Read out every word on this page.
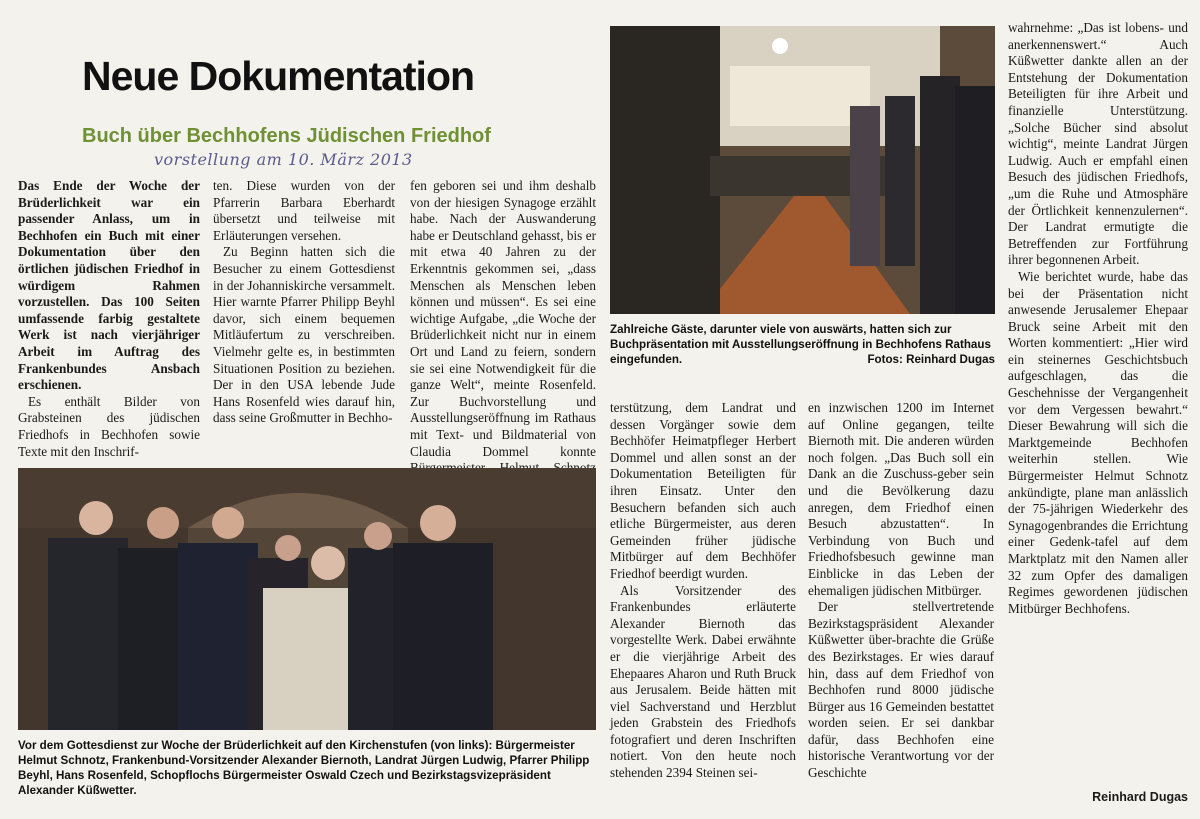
Neue Dokumentation
Buch über Bechhofens Jüdischen Friedhof
vorstellung am 10. März 2013

Das Ende der Woche der Brüderlichkeit war ein passender Anlass, um in Bechhofen ein Buch mit einer Dokumentation über den örtlichen jüdischen Friedhof in würdigem Rahmen vorzustellen. Das 100 Seiten umfassende farbig gestaltete Werk ist nach vierjähriger Arbeit im Auftrag des Frankenbundes Ansbach erschienen.

Es enthält Bilder von Grabsteinen des jüdischen Friedhofs in Bechhofen sowie Texte mit den Inschrif-

ten. Diese wurden von der Pfarrerin Barbara Eberhardt übersetzt und teilweise mit Erläuterungen versehen.

Zu Beginn hatten sich die Besucher zu einem Gottesdienst in der Johanniskirche versammelt. Hier warnte Pfarrer Philipp Beyhl davor, sich einem bequemen Mitläufertum zu verschreiben. Vielmehr gelte es, in bestimmten Situationen Position zu beziehen. Der in den USA lebende Jude Hans Rosenfeld wies darauf hin, dass seine Großmutter in Bechho-

fen geboren sei und ihm deshalb von der hiesigen Synagoge erzählt habe. Nach der Auswanderung habe er Deutschland gehasst, bis er mit etwa 40 Jahren zu der Erkenntnis gekommen sei, „dass Menschen als Menschen leben können und müssen“. Es sei eine wichtige Aufgabe, „die Woche der Brüderlichkeit nicht nur in einem Ort und Land zu feiern, sondern sie sei eine Notwendigkeit für die ganze Welt“, meinte Rosenfeld. Zur Buchvorstellung und Ausstellungseröffnung im Rathaus mit Text- und Bildmaterial von Claudia Dommel konnte

terstützung, dem Landrat und dessen Vorgänger sowie dem Bechhöfer Heimatpfleger Herbert Dommel und allen sonst an der Dokumentation Beteiligten für ihren Einsatz. Unter den Besuchern befanden sich auch etliche Bürgermeister, aus deren Gemeinden früher jüdische Mitbürger auf dem Bechhöfer Friedhof beerdigt wurden.

Als Vorsitzender des Frankenbundes erläuterte Alexander Biernoth das vorgestellte Werk. Dabei erwähnte er die vierjährige Arbeit des Ehepaares Aharon und Ruth Bruck aus Jerusalem. Beide hätten mit viel Sachverstand und Herzblut jeden Grabstein des Friedhofs fotografiert und deren Inschriften notiert. Von den heute noch stehenden 2394 Steinen sei-

en inzwischen 1200 im Internet auf Online gegangen, teilte Biernoth mit. Die anderen würden noch folgen. „Das Buch soll ein Dank an die Zuschuss-geber sein und die Bevölkerung dazu anregen, dem Friedhof einen Besuch abzustatten“. In Verbindung von Buch und Friedhofsbesuch gewinne man Einblicke in das Leben der ehemaligen jüdischen Mitbürger.

Der stellvertretende Bezirkstagspräsident Alexander Küßwetter über-brachte die Grüße des Bezirkstages. Er wies darauf hin, dass auf dem Friedhof von Bechhofen rund 8000 jüdische Bürger aus 16 Gemeinden bestattet worden seien. Er sei dankbar dafür, dass Bechhofen eine historische Verantwortung vor der Geschichte

wahrnehme: „Das ist lobens- und anerkennenswert.“ Auch Küßwetter dankte allen an der Entstehung der Dokumentation Beteiligten für ihre Arbeit und finanzielle Unterstützung. „Solche Bücher sind absolut wichtig“, meinte Landrat Jürgen Ludwig. Auch er empfahl einen Besuch des jüdischen Friedhofs, „um die Ruhe und Atmosphäre der Örtlichkeit kennenzulernen“. Der Landrat ermutigte die Betreffenden zur Fortführung ihrer begonnenen Arbeit.

Wie berichtet wurde, habe das bei der Präsentation nicht anwesende Jerusalemer Ehepaar Bruck seine Arbeit mit den Worten kommentiert: „Hier wird ein steinernes Geschichtsbuch aufgeschlagen, das die Geschehnisse der Vergangenheit vor dem Vergessen bewahrt.“ Dieser Bewahrung will sich die Marktgemeinde Bechhofen weiterhin stellen. Wie Bürgermeister Helmut Schnotz ankündigte, plane man anlässlich der 75-jährigen Wiederkehr des Synagogenbrandes die Errichtung einer Gedenk-tafel auf dem Marktplatz mit den Namen aller 32 zum Opfer des damaligen Regimes gewordenen jüdischen Mitbürger Bechhofens.

Zahlreiche Gäste, darunter viele von auswärts, hatten sich zur Buchpräsentation mit Ausstellungseröffnung in Bechhofens Rathaus eingefunden.	Fotos: Reinhard Dugas
Vor dem Gottesdienst zur Woche der Brüderlichkeit auf den Kirchenstufen (von links): Bürgermeister Helmut Schnotz, Frankenbund-Vorsitzender Alexander Biernoth, Landrat Jürgen Ludwig, Pfarrer Philipp Beyhl, Hans Rosenfeld, Schopflochs Bürgermeister Oswald Czech und Bezirkstagsvizepräsident Alexander Küßwetter.	Reinhard Dugas
